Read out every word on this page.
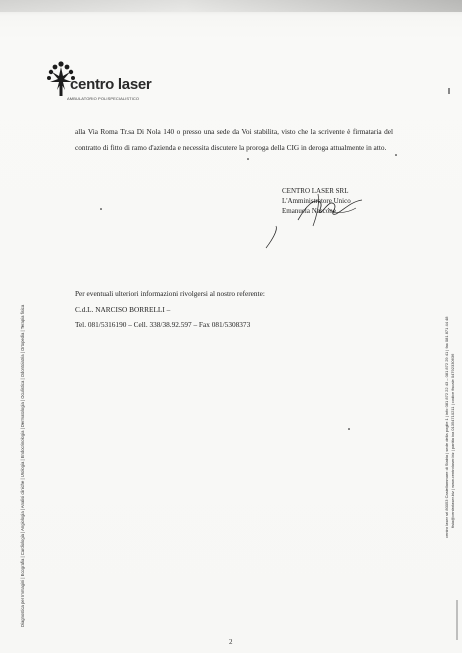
centro laser
AMBULATORIO POLISPECIALISTICO
alla Via Roma Tr.sa Di Nola 140 o presso una sede da Voi stabilita, visto che la scrivente è firmataria del contratto di fitto di ramo d'azienda e necessita discutere la proroga della CIG in deroga attualmente in atto.
CENTRO LASER SRL
L'Amministratore Unico
Emanuela Nascone
Per eventuali ulteriori informazioni rivolgersi al nostro referente:
C.d.L. NARCISO BORRELLI –
Tel. 081/5316190 – Cell. 338/38.92.597 – Fax 081/5308373
Diagnostica per Immagini | Ecografia | Cardiologia | Angiologia | Analisi cliniche | Urologia | Endocrinologia | Dermatologia | Oculistica | Odontoiatria | Ortopedia | Terapia fisica	centro laser srl 80053 Castellammare di Stabia | sede della poglie 1 | info 081 872 22 43 – 081 872 29 41 | fax 081 871 44 48 fisia@centrolaser.biz | www.centrolaser.biz | partita iva 01354710211 | codice fiscale 04792330636
2
